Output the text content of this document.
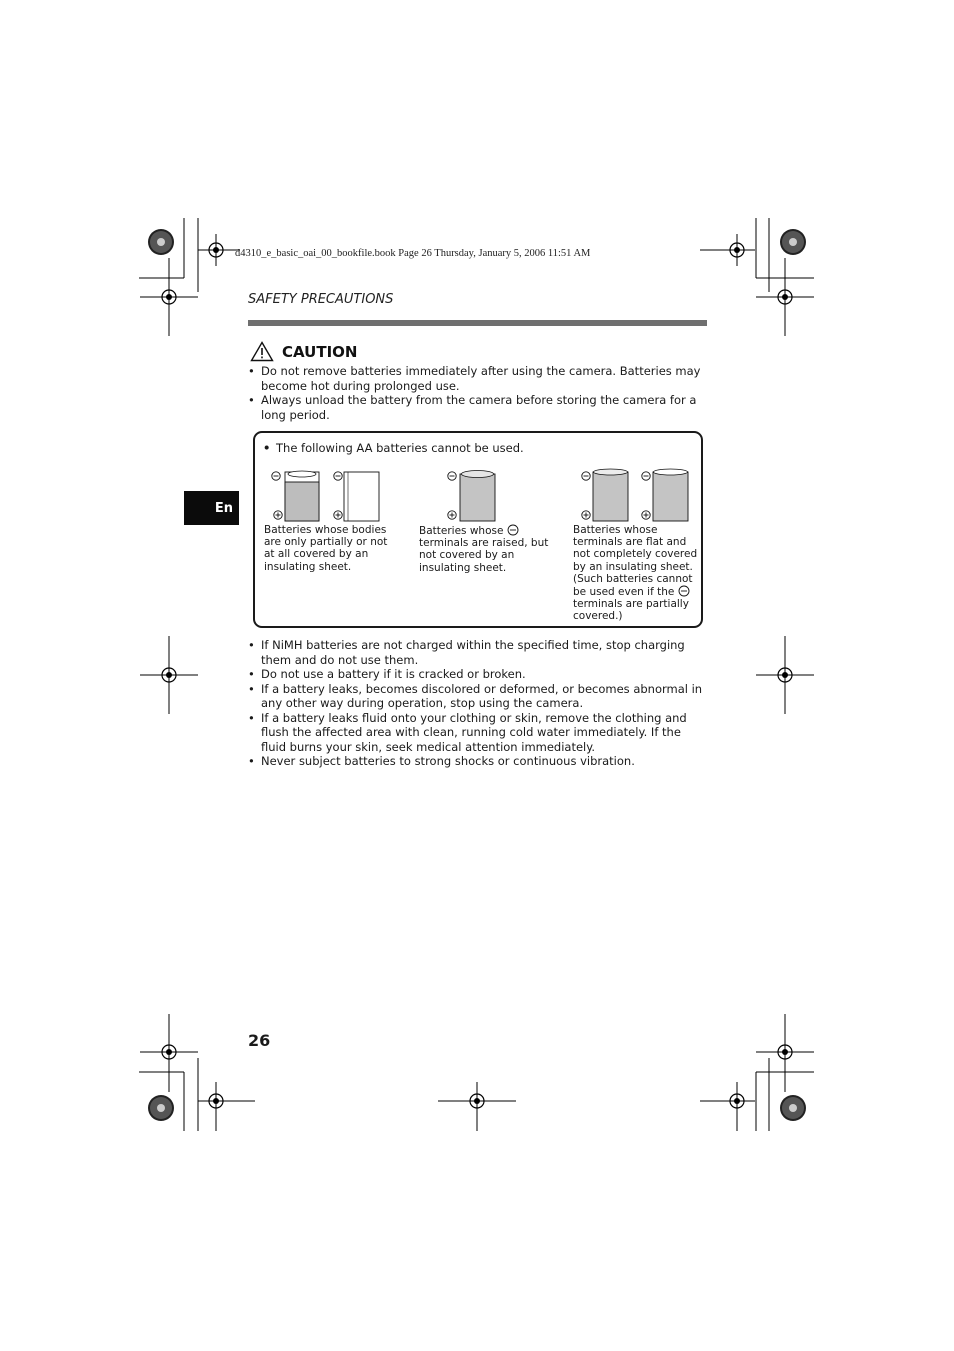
d4310_e_basic_oai_00_bookfile.book Page 26 Thursday, January 5, 2006 11:51 AM
SAFETY PRECAUTIONS
CAUTION
• Do not remove batteries immediately after using the camera. Batteries may become hot during prolonged use.
• Always unload the battery from the camera before storing the camera for a long period.
En
• The following AA batteries cannot be used.
Batteries whose bodies are only partially or not at all covered by an insulating sheet.
Batteries whose
terminals are raised, but not covered by an insulating sheet.
Batteries whose terminals are flat and not completely covered by an insulating sheet. (Such batteries cannot be used even if the
terminals are partially covered.)
• If NiMH batteries are not charged within the specified time, stop charging them and do not use them.
• Do not use a battery if it is cracked or broken.
• If a battery leaks, becomes discolored or deformed, or becomes abnormal in any other way during operation, stop using the camera.
• If a battery leaks fluid onto your clothing or skin, remove the clothing and flush the affected area with clean, running cold water immediately. If the fluid burns your skin, seek medical attention immediately.
• Never subject batteries to strong shocks or continuous vibration.
26
